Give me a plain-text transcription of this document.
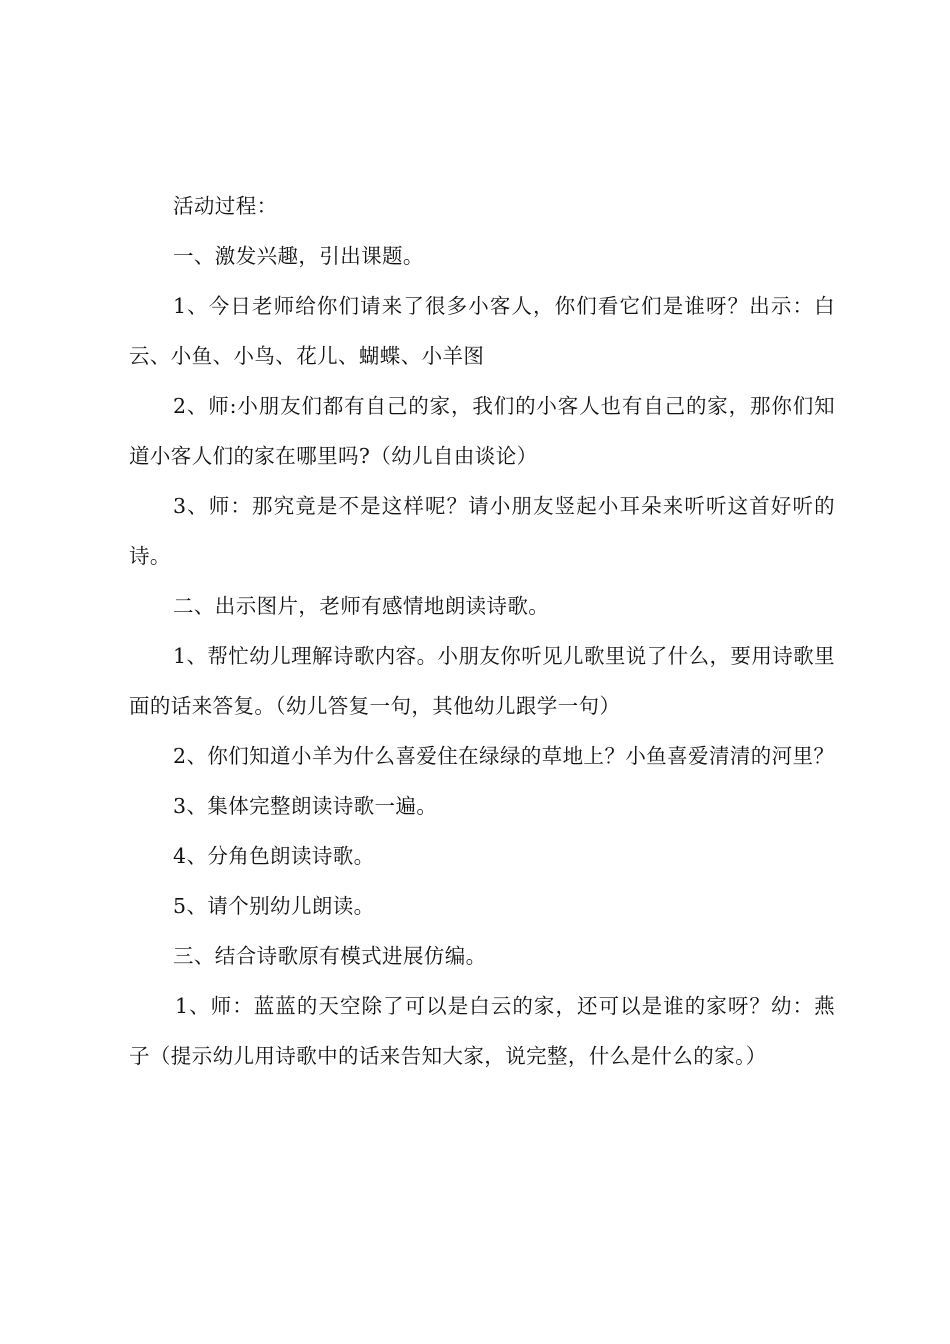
活动过程：

一、激发兴趣，引出课题。

1、今日老师给你们请来了很多小客人，你们看它们是谁呀？出示：白云、小鱼、小鸟、花儿、蝴蝶、小羊图

2、师:小朋友们都有自己的家，我们的小客人也有自己的家，那你们知道小客人们的家在哪里吗?（幼儿自由谈论）

3、师：那究竟是不是这样呢？请小朋友竖起小耳朵来听听这首好听的诗。

二、出示图片，老师有感情地朗读诗歌。

1、帮忙幼儿理解诗歌内容。小朋友你听见儿歌里说了什么，要用诗歌里面的话来答复。（幼儿答复一句，其他幼儿跟学一句）

2、你们知道小羊为什么喜爱住在绿绿的草地上？小鱼喜爱清清的河里？

3、集体完整朗读诗歌一遍。

4、分角色朗读诗歌。

5、请个别幼儿朗读。

三、结合诗歌原有模式进展仿编。

1、师：蓝蓝的天空除了可以是白云的家，还可以是谁的家呀？幼：燕子（提示幼儿用诗歌中的话来告知大家，说完整，什么是什么的家。）
